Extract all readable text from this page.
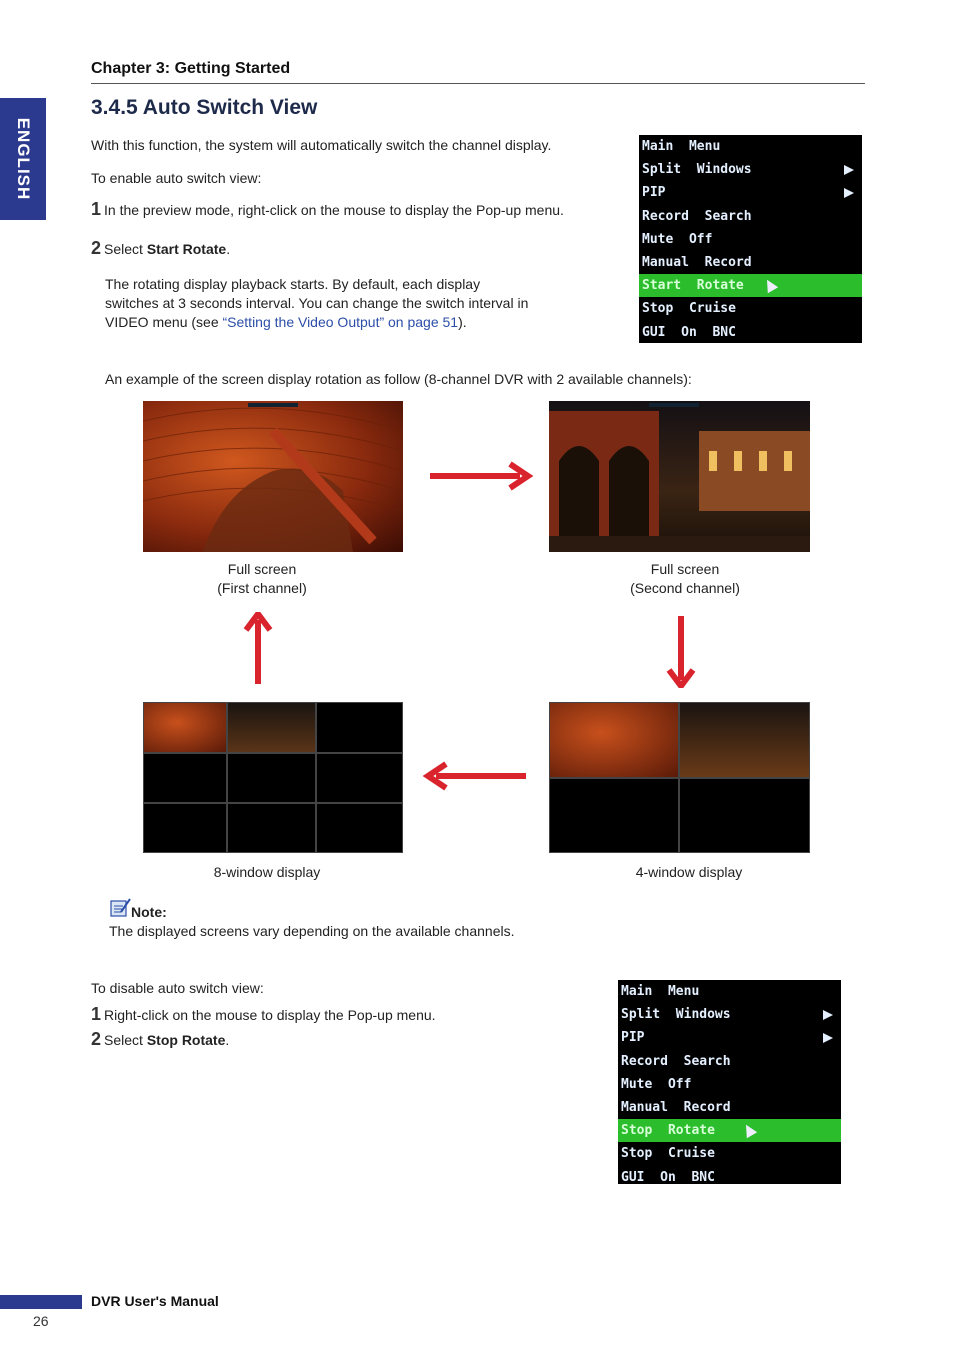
ENGLISH
Chapter 3: Getting Started
3.4.5 Auto Switch View
With this function, the system will automatically switch the channel display.
To enable auto switch view:
1 In the preview mode, right-click on the mouse to display the Pop-up menu.
2 Select Start Rotate.
The rotating display playback starts. By default, each display
switches at 3 seconds interval. You can change the switch interval in
VIDEO menu (see “Setting the Video Output” on page 51).
Main  Menu
Split  Windows
PIP
Record  Search
Mute  Off
Manual  Record
Start  Rotate
Stop  Cruise
GUI  On  BNC
An example of the screen display rotation as follow (8-channel DVR with 2 available channels):
Full screen
(First channel)
Full screen
(Second channel)
8-window display	4-window display
Note:
The displayed screens vary depending on the available channels.
To disable auto switch view:
1 Right-click on the mouse to display the Pop-up menu.
2 Select Stop Rotate.
Main  Menu
Split  Windows
PIP
Record  Search
Mute  Off
Manual  Record
Stop  Rotate
Stop  Cruise
GUI  On  BNC
DVR User's Manual
26
